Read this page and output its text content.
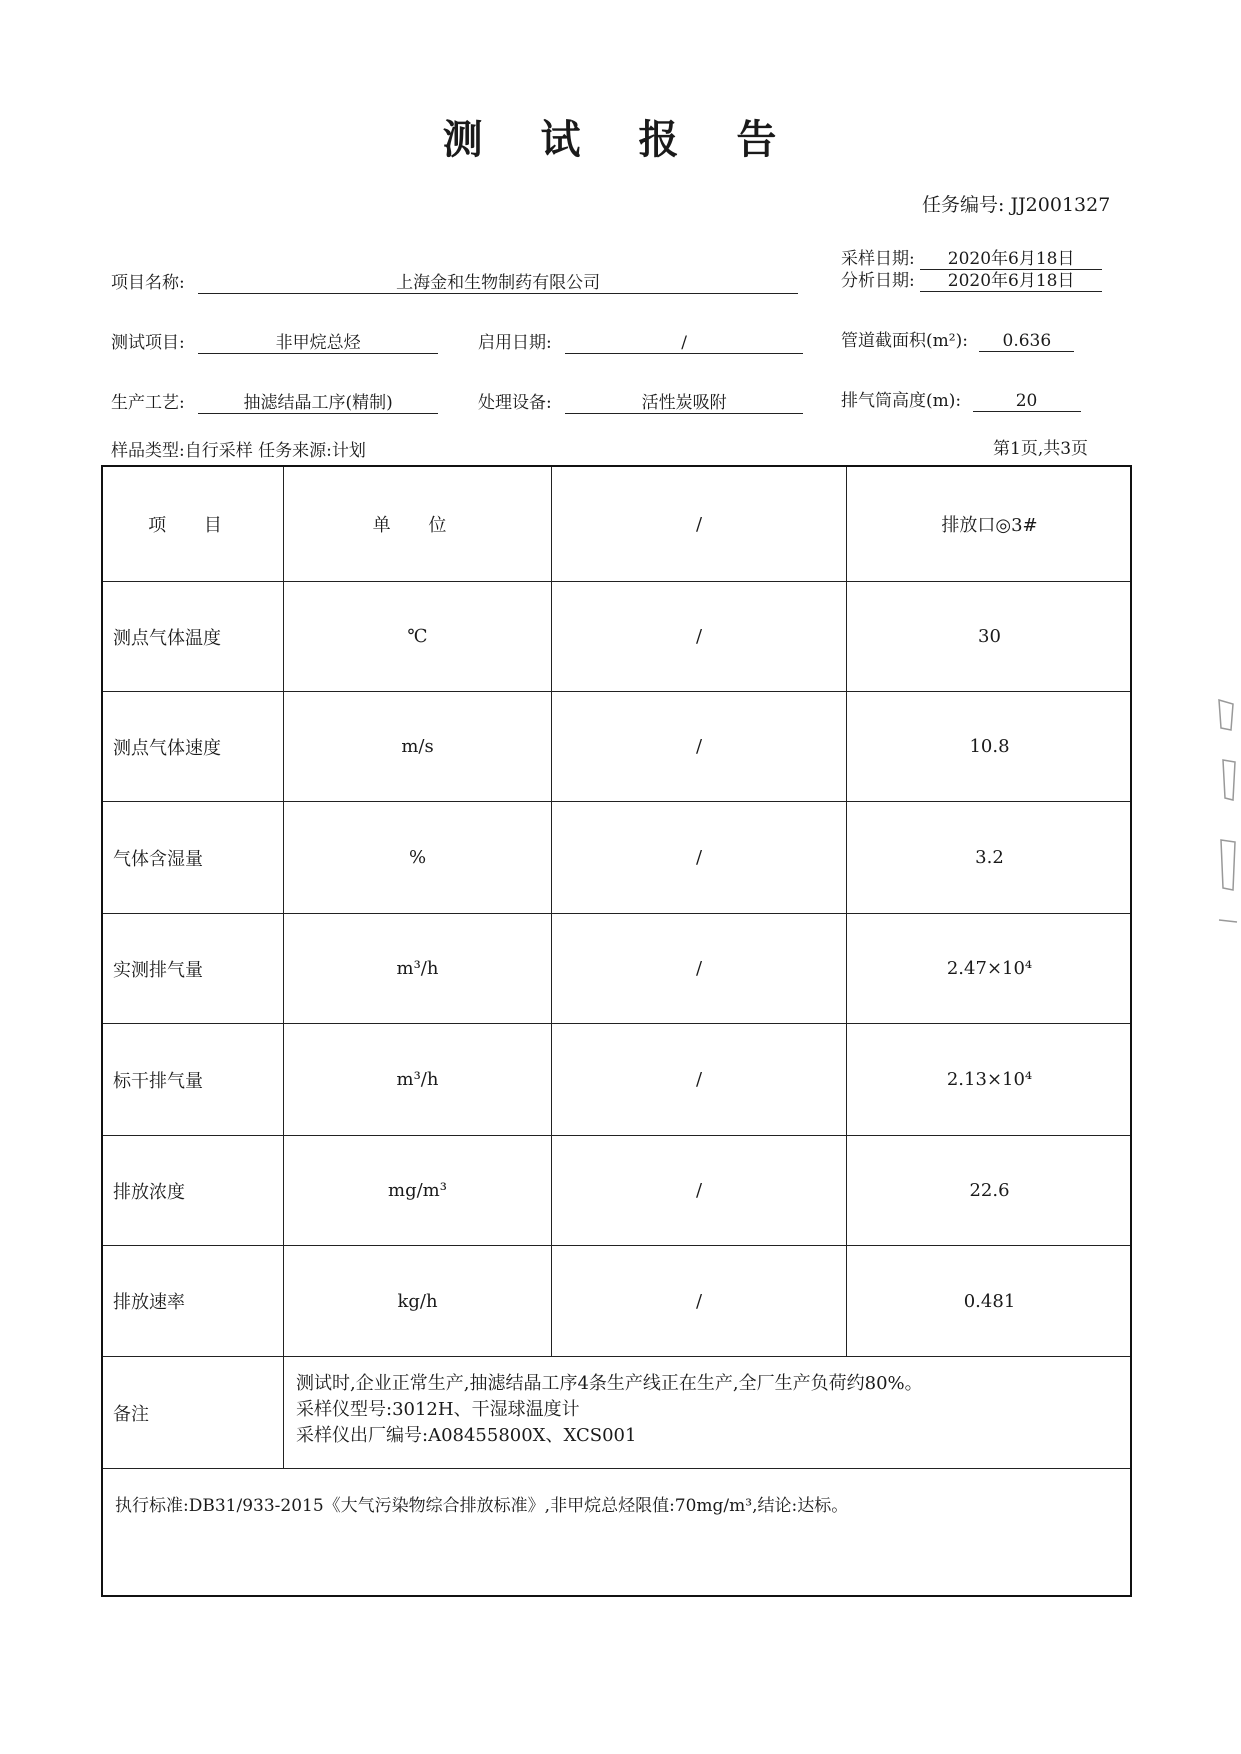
测 试 报 告
任务编号: JJ2001327
采样日期: 2020年6月18日
分析日期: 2020年6月18日
项目名称:	上海金和生物制药有限公司
测试项目:	非甲烷总烃	启用日期:	/	管道截面积(m²): 0.636
生产工艺:	抽滤结晶工序(精制)	处理设备:	活性炭吸附	排气筒高度(m):	20
样品类型:自行采样 任务来源:计划	第1页,共3页
项 目	单 位	/	排放口◎3#
测点气体温度	℃	/	30
测点气体速度	m/s	/	10.8
气体含湿量	%	/	3.2
实测排气量	m³/h	/	2.47×10⁴
标干排气量	m³/h	/	2.13×10⁴
排放浓度	mg/m³	/	22.6
排放速率	kg/h	/	0.481
备注
测试时,企业正常生产,抽滤结晶工序4条生产线正在生产,全厂生产负荷约80%。
采样仪型号:3012H、干湿球温度计
采样仪出厂编号:A08455800X、XCS001
执行标准:DB31/933-2015《大气污染物综合排放标准》,非甲烷总烃限值:70mg/m³,结论:达标。
